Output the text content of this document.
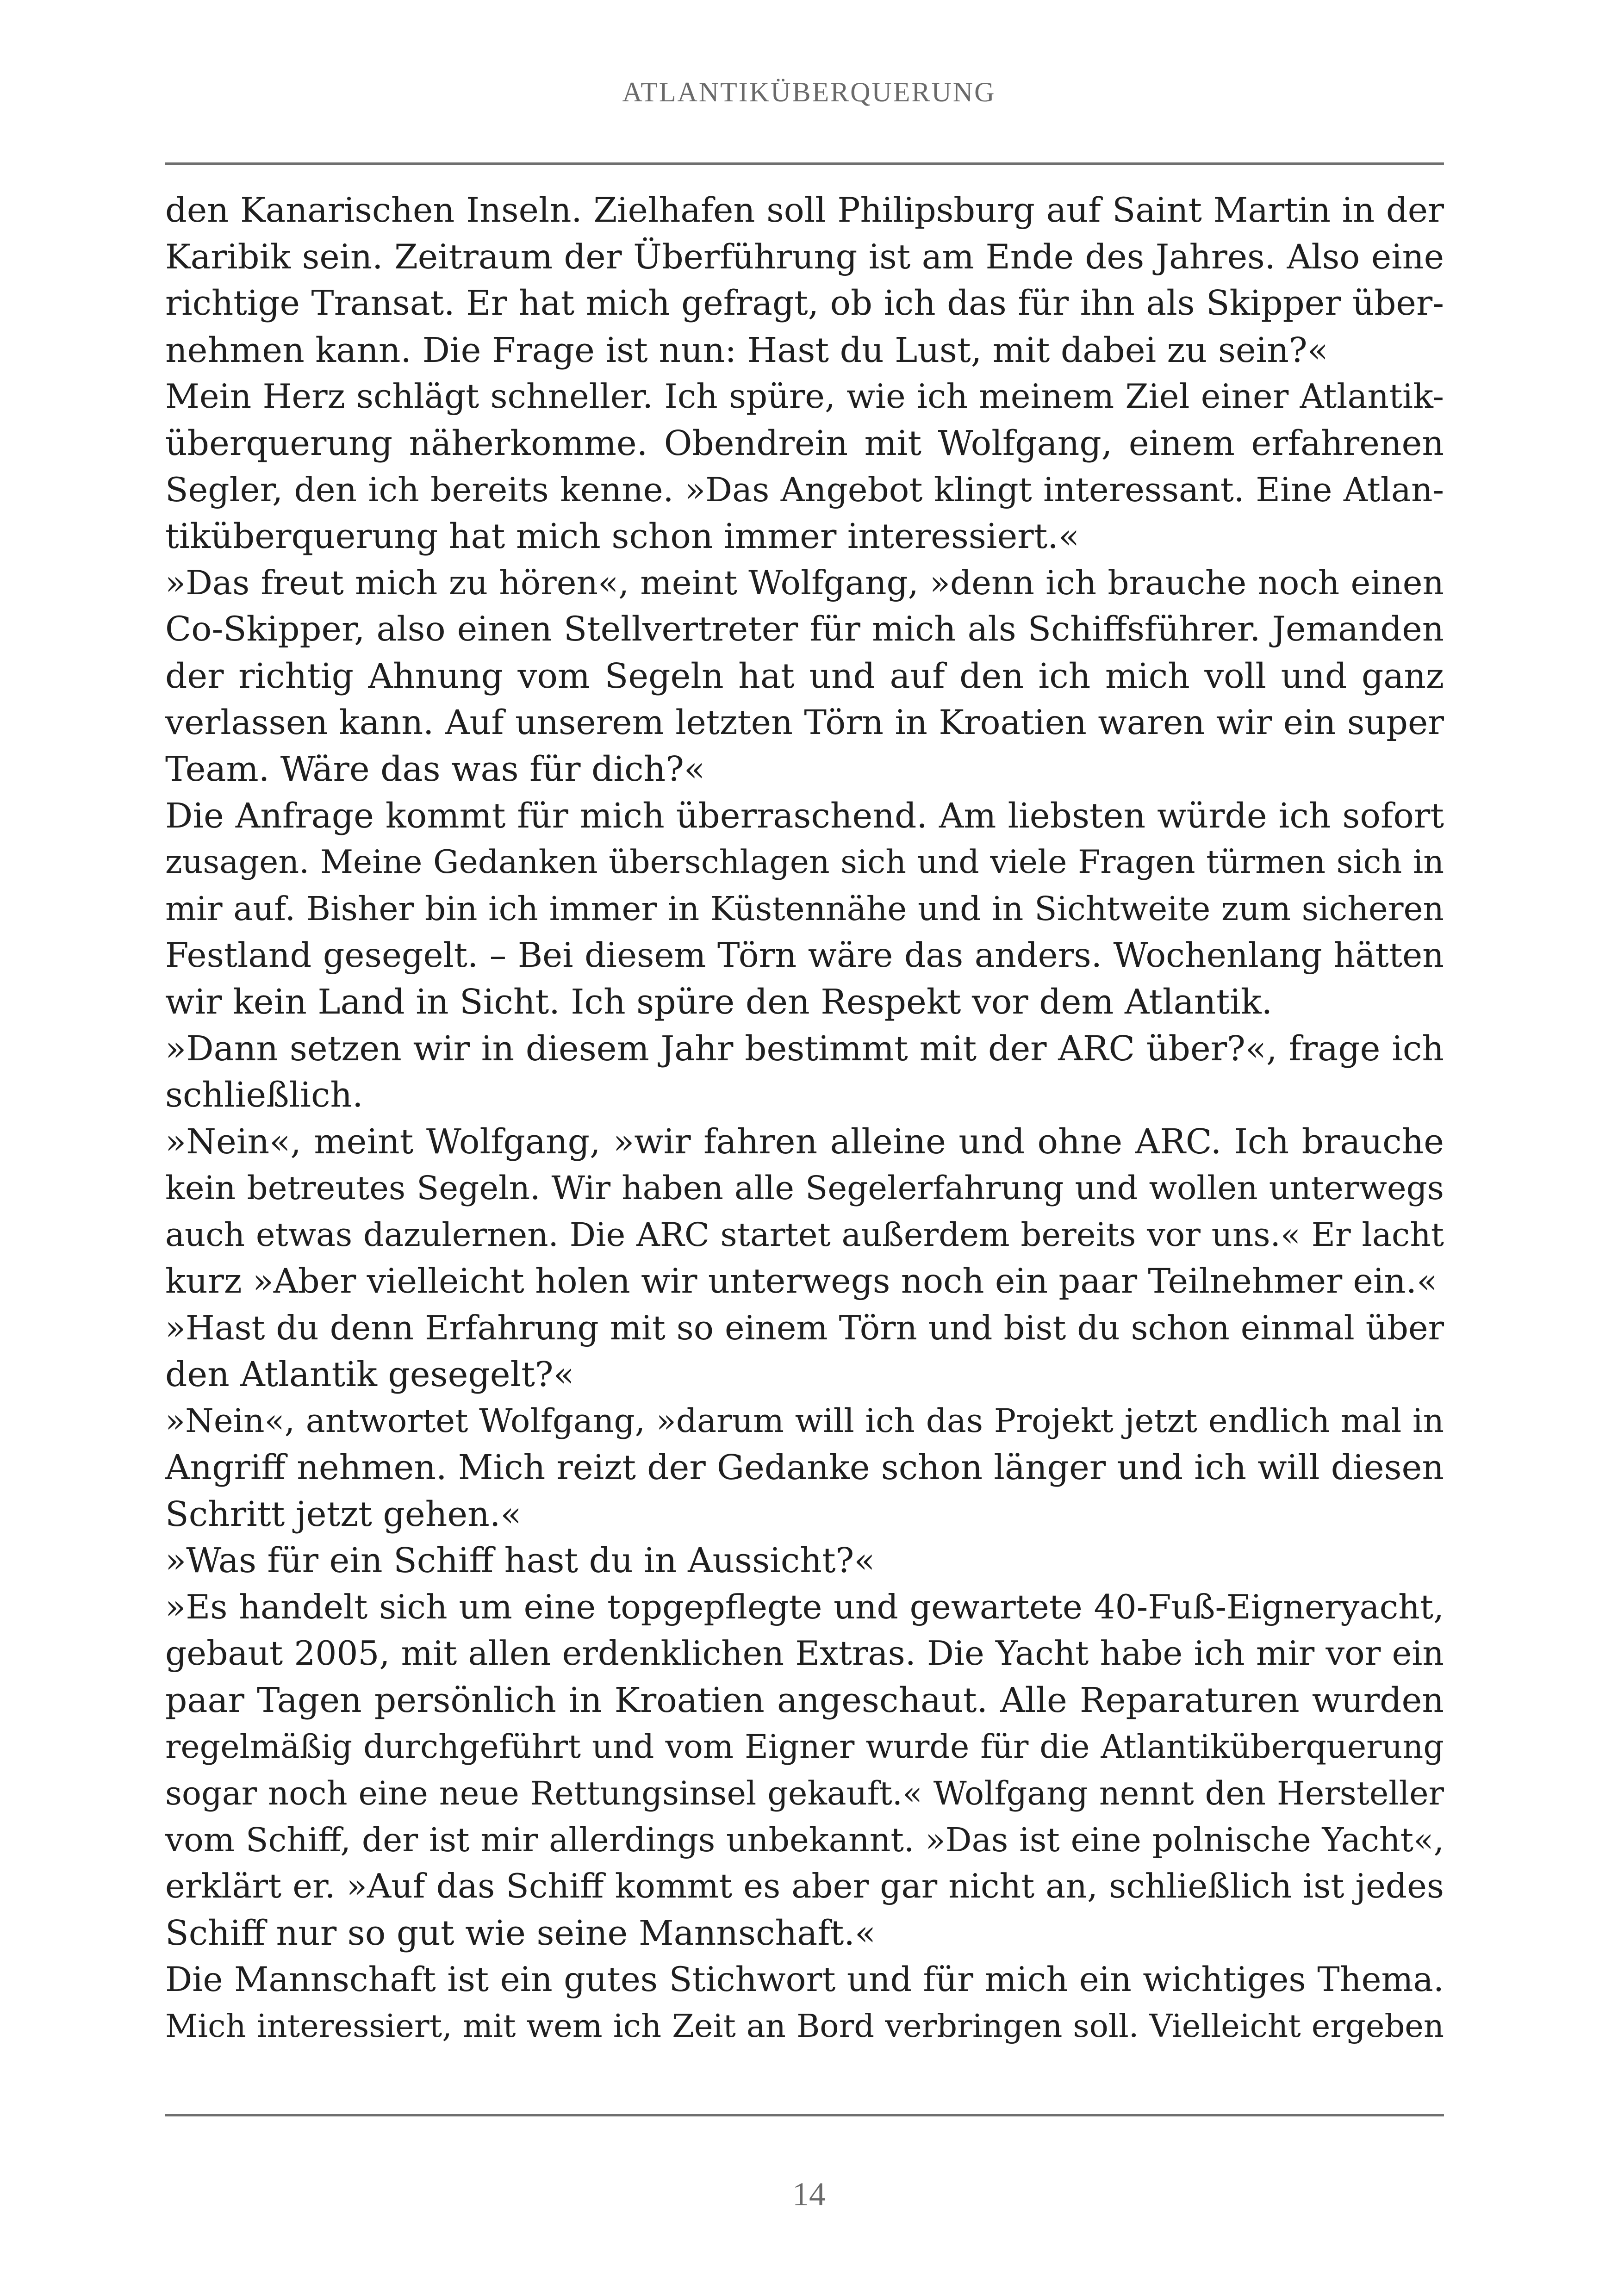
ATLANTIKÜBERQUERUNG
den Kanarischen Inseln. Zielhafen soll Philipsburg auf Saint Martin in der
Karibik sein. Zeitraum der Überführung ist am Ende des Jahres. Also eine
richtige Transat. Er hat mich gefragt, ob ich das für ihn als Skipper über-
nehmen kann. Die Frage ist nun: Hast du Lust, mit dabei zu sein?«
Mein Herz schlägt schneller. Ich spüre, wie ich meinem Ziel einer Atlantik-
überquerung näherkomme. Obendrein mit Wolfgang, einem erfahrenen
Segler, den ich bereits kenne. »Das Angebot klingt interessant. Eine Atlan-
tiküberquerung hat mich schon immer interessiert.«
»Das freut mich zu hören«, meint Wolfgang, »denn ich brauche noch einen
Co-Skipper, also einen Stellvertreter für mich als Schiffsführer. Jemanden
der richtig Ahnung vom Segeln hat und auf den ich mich voll und ganz
verlassen kann. Auf unserem letzten Törn in Kroatien waren wir ein super
Team. Wäre das was für dich?«
Die Anfrage kommt für mich überraschend. Am liebsten würde ich sofort
zusagen. Meine Gedanken überschlagen sich und viele Fragen türmen sich in
mir auf. Bisher bin ich immer in Küstennähe und in Sichtweite zum sicheren
Festland gesegelt. – Bei diesem Törn wäre das anders. Wochenlang hätten
wir kein Land in Sicht. Ich spüre den Respekt vor dem Atlantik.
»Dann setzen wir in diesem Jahr bestimmt mit der ARC über?«, frage ich
schließlich.
»Nein«, meint Wolfgang, »wir fahren alleine und ohne ARC. Ich brauche
kein betreutes Segeln. Wir haben alle Segelerfahrung und wollen unterwegs
auch etwas dazulernen. Die ARC startet außerdem bereits vor uns.« Er lacht
kurz »Aber vielleicht holen wir unterwegs noch ein paar Teilnehmer ein.«
»Hast du denn Erfahrung mit so einem Törn und bist du schon einmal über
den Atlantik gesegelt?«
»Nein«, antwortet Wolfgang, »darum will ich das Projekt jetzt endlich mal in
Angriff nehmen. Mich reizt der Gedanke schon länger und ich will diesen
Schritt jetzt gehen.«
»Was für ein Schiff hast du in Aussicht?«
»Es handelt sich um eine topgepflegte und gewartete 40-Fuß-Eigneryacht,
gebaut 2005, mit allen erdenklichen Extras. Die Yacht habe ich mir vor ein
paar Tagen persönlich in Kroatien angeschaut. Alle Reparaturen wurden
regelmäßig durchgeführt und vom Eigner wurde für die Atlantiküberquerung
sogar noch eine neue Rettungsinsel gekauft.« Wolfgang nennt den Hersteller
vom Schiff, der ist mir allerdings unbekannt. »Das ist eine polnische Yacht«,
erklärt er. »Auf das Schiff kommt es aber gar nicht an, schließlich ist jedes
Schiff nur so gut wie seine Mannschaft.«
Die Mannschaft ist ein gutes Stichwort und für mich ein wichtiges Thema.
Mich interessiert, mit wem ich Zeit an Bord verbringen soll. Vielleicht ergeben
14
